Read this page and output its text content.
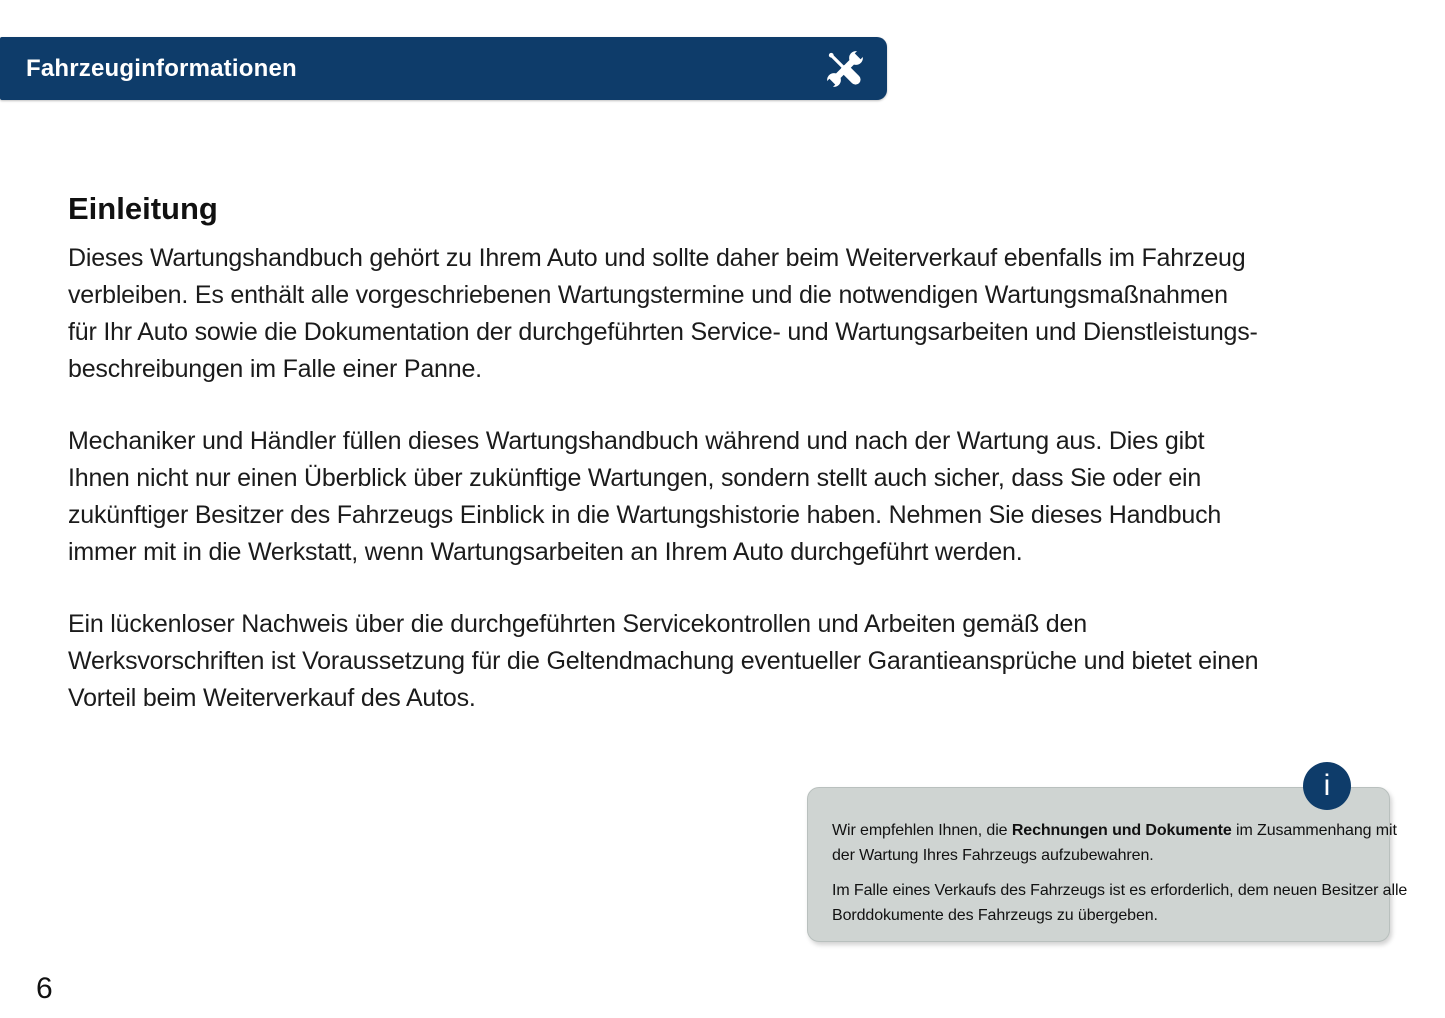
Fahrzeuginformationen
Einleitung
Dieses Wartungshandbuch gehört zu Ihrem Auto und sollte daher beim Weiterverkauf ebenfalls im Fahrzeug
verbleiben. Es enthält alle vorgeschriebenen Wartungstermine und die notwendigen Wartungsmaßnahmen
für Ihr Auto sowie die Dokumentation der durchgeführten Service- und Wartungsarbeiten und Dienstleistungs-
beschreibungen im Falle einer Panne.
Mechaniker und Händler füllen dieses Wartungshandbuch während und nach der Wartung aus. Dies gibt
Ihnen nicht nur einen Überblick über zukünftige Wartungen, sondern stellt auch sicher, dass Sie oder ein
zukünftiger Besitzer des Fahrzeugs Einblick in die Wartungshistorie haben. Nehmen Sie dieses Handbuch
immer mit in die Werkstatt, wenn Wartungsarbeiten an Ihrem Auto durchgeführt werden.
Ein lückenloser Nachweis über die durchgeführten Servicekontrollen und Arbeiten gemäß den
Werksvorschriften ist Voraussetzung für die Geltendmachung eventueller Garantieansprüche und bietet einen
Vorteil beim Weiterverkauf des Autos.
Wir empfehlen Ihnen, die Rechnungen und Dokumente im Zusammenhang mit
der Wartung Ihres Fahrzeugs aufzubewahren.
Im Falle eines Verkaufs des Fahrzeugs ist es erforderlich, dem neuen Besitzer alle
Borddokumente des Fahrzeugs zu übergeben.
i
6
